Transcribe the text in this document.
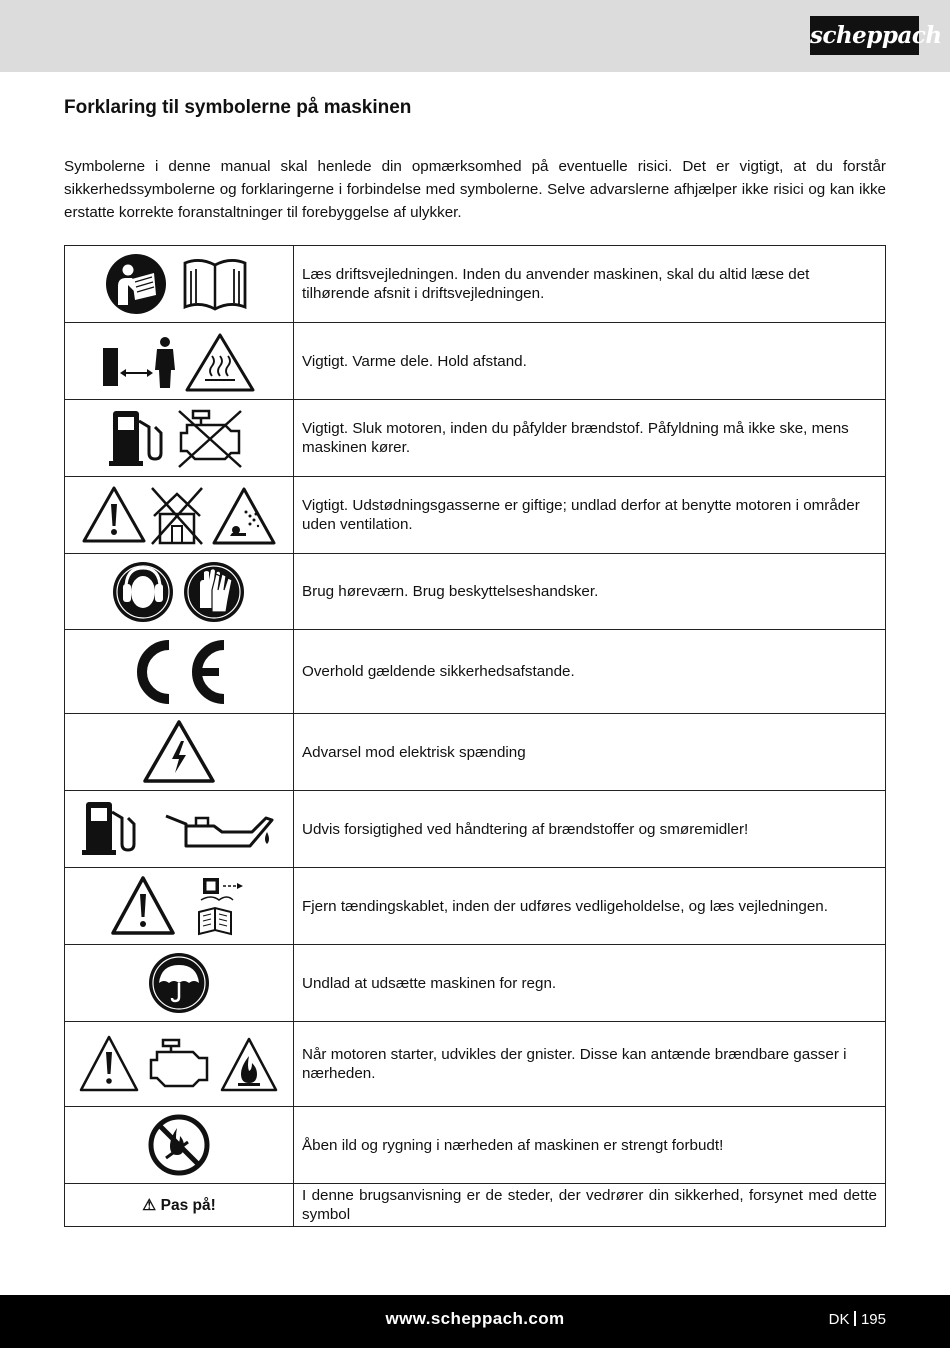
scheppach
Forklaring til symbolerne på maskinen

Symbolerne i denne manual skal henlede din opmærksomhed på eventuelle risici. Det er vigtigt, at du forstår sikkerhedssymbolerne og forklaringerne i forbindelse med symbolerne. Selve advarslerne afhjælper ikke risici og kan ikke erstatte korrekte foranstaltninger til forebyggelse af ulykker.

	Læs driftsvejledningen. Inden du anvender maskinen, skal du altid læse det tilhørende afsnit i driftsvejledningen.

	Vigtigt. Varme dele. Hold afstand.

	Vigtigt. Sluk motoren, inden du påfylder brændstof. Påfyldning må ikke ske, mens maskinen kører.

	Vigtigt. Udstødningsgasserne er giftige; undlad derfor at benytte motoren i områder uden ventilation.

	Brug høreværn. Brug beskyttelseshandsker.

	Overhold gældende sikkerhedsafstande.

	Advarsel mod elektrisk spænding

	Udvis forsigtighed ved håndtering af brændstoffer og smøremidler!

	Fjern tændingskablet, inden der udføres vedligeholdelse, og læs vejledningen.

	Undlad at udsætte maskinen for regn.

	Når motoren starter, udvikles der gnister. Disse kan antænde brændbare gasser i nærheden.

	Åben ild og rygning i nærheden af maskinen er strengt forbudt!
⚠ Pas på!	I denne brugsanvisning er de steder, der vedrører din sikkerhed, forsynet med dette symbol
www.scheppach.com	DK 195
